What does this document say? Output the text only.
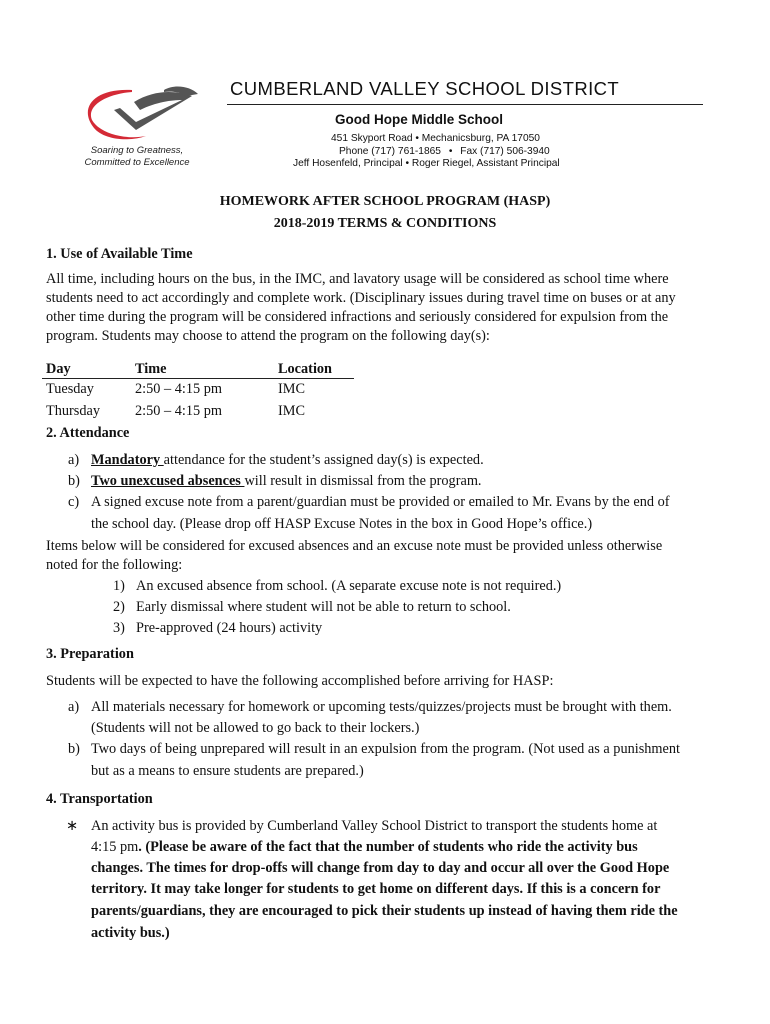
Soaring to Greatness,
Committed to Excellence
CUMBERLAND VALLEY SCHOOL DISTRICT
Good Hope Middle School
451 Skyport Road • Mechanicsburg, PA 17050
Phone (717) 761-1865 • Fax (717) 506-3940
Jeff Hosenfeld, Principal • Roger Riegel, Assistant Principal
HOMEWORK AFTER SCHOOL PROGRAM (HASP)
2018-2019 TERMS & CONDITIONS
1. Use of Available Time
All time, including hours on the bus, in the IMC, and lavatory usage will be considered as school time where
students need to act accordingly and complete work. (Disciplinary issues during travel time on buses or at any
other time during the program will be considered infractions and seriously considered for expulsion from the
program. Students may choose to attend the program on the following day(s):
Day	Time	Location
Tuesday	2:50 – 4:15 pm	IMC
Thursday 2:50 – 4:15 pm	IMC
2. Attendance
a) Mandatory attendance for the student’s assigned day(s) is expected.
b) Two unexcused absences will result in dismissal from the program.
c) A signed excuse note from a parent/guardian must be provided or emailed to Mr. Evans by the end of
the school day. (Please drop off HASP Excuse Notes in the box in Good Hope’s office.)
Items below will be considered for excused absences and an excuse note must be provided unless otherwise
noted for the following:
1) An excused absence from school. (A separate excuse note is not required.)
2) Early dismissal where student will not be able to return to school.
3) Pre-approved (24 hours) activity
3. Preparation
Students will be expected to have the following accomplished before arriving for HASP:
a) All materials necessary for homework or upcoming tests/quizzes/projects must be brought with them.
(Students will not be allowed to go back to their lockers.)
b) Two days of being unprepared will result in an expulsion from the program. (Not used as a punishment
but as a means to ensure students are prepared.)
4. Transportation
∗ An activity bus is provided by Cumberland Valley School District to transport the students home at
4:15 pm. (Please be aware of the fact that the number of students who ride the activity bus
changes. The times for drop-offs will change from day to day and occur all over the Good Hope
territory. It may take longer for students to get home on different days. If this is a concern for
parents/guardians, they are encouraged to pick their students up instead of having them ride the
activity bus.)
